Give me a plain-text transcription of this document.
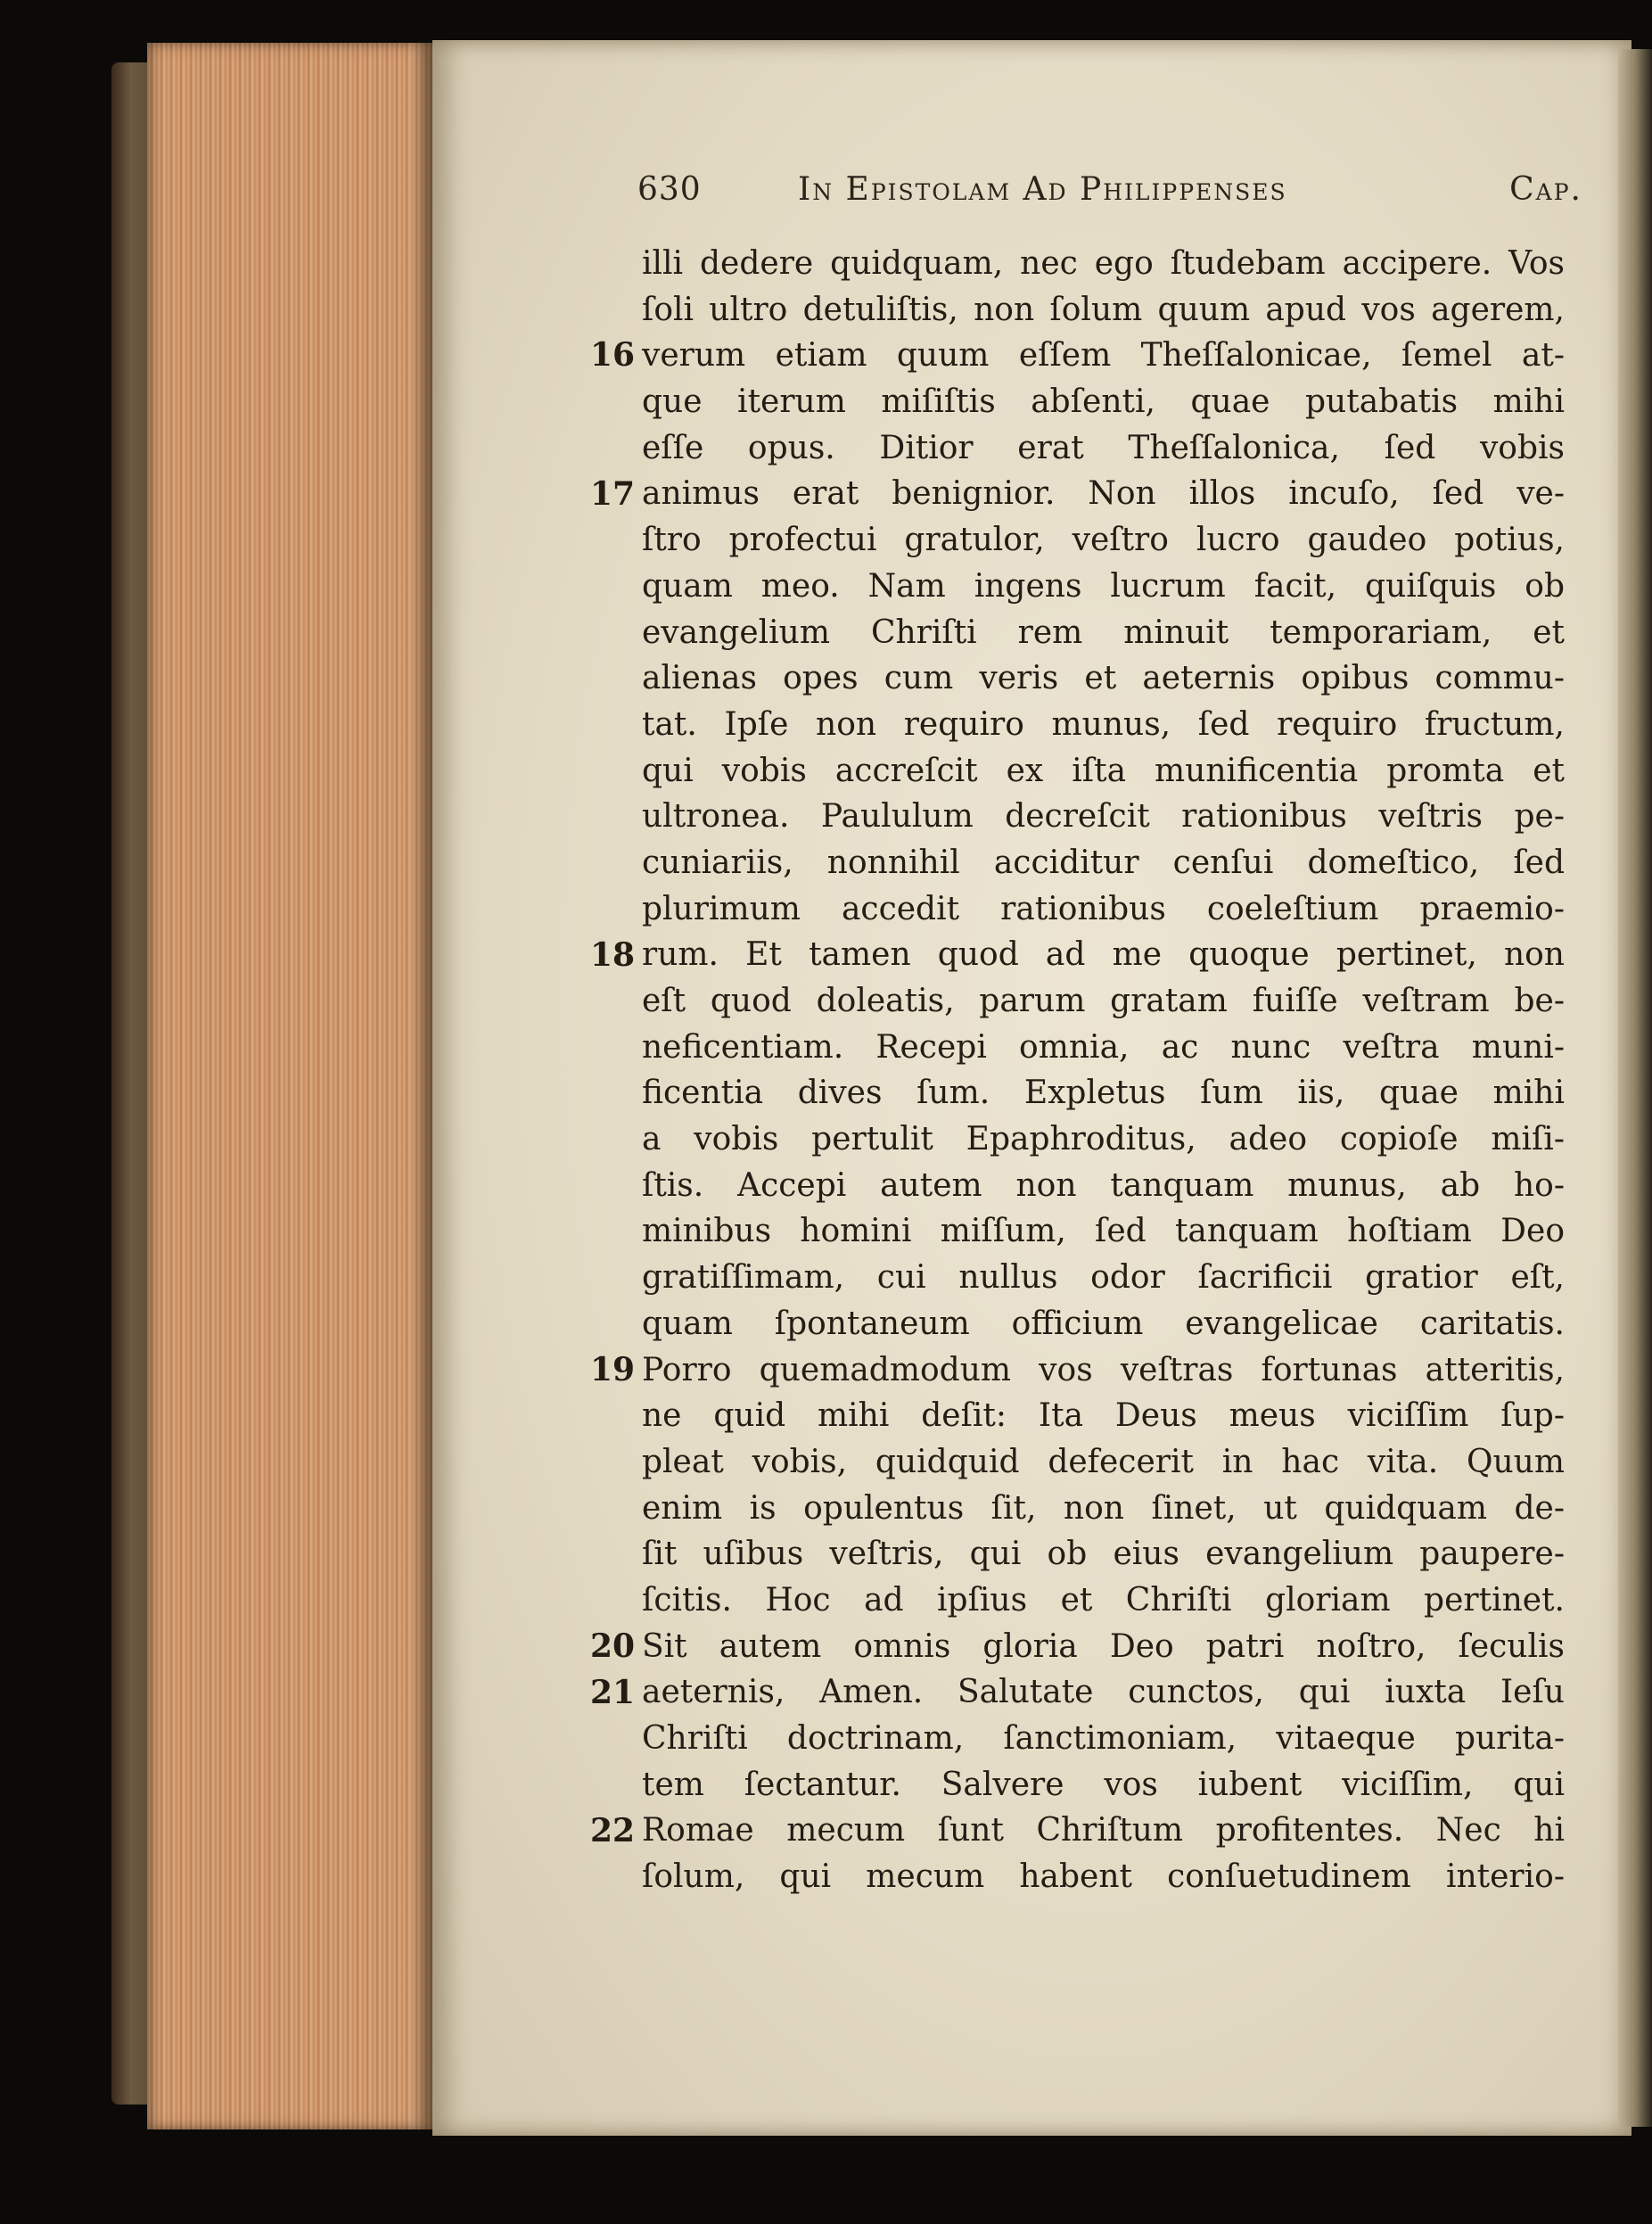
630	In Epistolam Ad Philippenses	Cap.
illi dedere quidquam, nec ego ſtudebam accipere. Vos
ſoli ultro detuliſtis, non ſolum quum apud vos agerem,
verum etiam quum eſſem Theſſalonicae, ſemel at-
que iterum miſiſtis abſenti, quae putabatis mihi
eſſe opus. Ditior erat Theſſalonica, ſed vobis
animus erat benignior. Non illos incuſo, ſed ve-
ſtro profectui gratulor, veſtro lucro gaudeo potius,
quam meo. Nam ingens lucrum facit, quiſquis ob
evangelium Chriſti rem minuit temporariam, et
alienas opes cum veris et aeternis opibus commu-
tat. Ipſe non requiro munus, ſed requiro fructum,
qui vobis accreſcit ex iſta munificentia promta et
ultronea. Paululum decreſcit rationibus veſtris pe-
cuniariis, nonnihil acciditur cenſui domeſtico, ſed
plurimum accedit rationibus coeleſtium praemio-
rum. Et tamen quod ad me quoque pertinet, non
eſt quod doleatis, parum gratam fuiſſe veſtram be-
neficentiam. Recepi omnia, ac nunc veſtra muni-
ficentia dives ſum. Expletus ſum iis, quae mihi
a vobis pertulit Epaphroditus, adeo copioſe miſi-
ſtis. Accepi autem non tanquam munus, ab ho-
minibus homini miſſum, ſed tanquam hoſtiam Deo
gratiſſimam, cui nullus odor ſacrificii gratior eſt,
quam ſpontaneum officium evangelicae caritatis.
Porro quemadmodum vos veſtras fortunas atteritis,
ne quid mihi deſit: Ita Deus meus viciſſim ſup-
pleat vobis, quidquid defecerit in hac vita. Quum
enim is opulentus ſit, non ſinet, ut quidquam de-
ſit uſibus veſtris, qui ob eius evangelium paupere-
ſcitis. Hoc ad ipſius et Chriſti gloriam pertinet.
Sit autem omnis gloria Deo patri noſtro, ſeculis
aeternis, Amen. Salutate cunctos, qui iuxta Ieſu
Chriſti doctrinam, ſanctimoniam, vitaeque purita-
tem ſectantur. Salvere vos iubent viciſſim, qui
Romae mecum ſunt Chriſtum profitentes. Nec hi
ſolum, qui mecum habent conſuetudinem interio-
16
17
18
19
20
21
22
